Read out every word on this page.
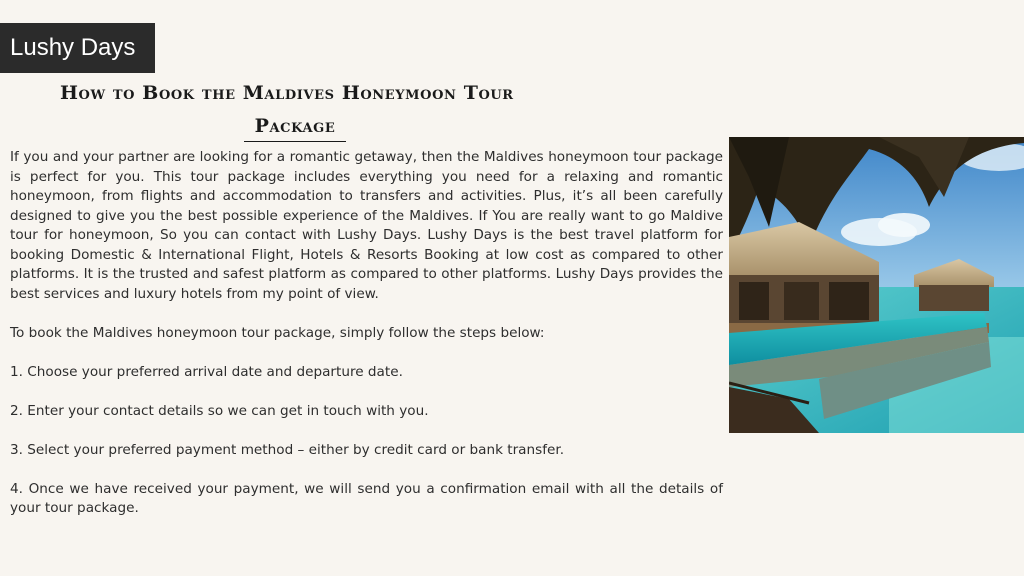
Lushy Days
How to Book the Maldives Honeymoon Tour
Package

If you and your partner are looking for a romantic getaway, then the Maldives honeymoon tour package is perfect for you. This tour package includes everything you need for a relaxing and romantic honeymoon, from flights and accommodation to transfers and activities. Plus, it’s all been carefully designed to give you the best possible experience of the Maldives. If You are really want to go Maldive tour for honeymoon, So you can contact with Lushy Days. Lushy Days is the best travel platform for booking Domestic & International Flight, Hotels & Resorts Booking at low cost as compared to other platforms. It is the trusted and safest platform as compared to other platforms. Lushy Days provides the best services and luxury hotels from my point of view.

To book the Maldives honeymoon tour package, simply follow the steps below:

1. Choose your preferred arrival date and departure date.

2. Enter your contact details so we can get in touch with you.

3. Select your preferred payment method – either by credit card or bank transfer.

4. Once we have received your payment, we will send you a confirmation email with all the details of your tour package.
